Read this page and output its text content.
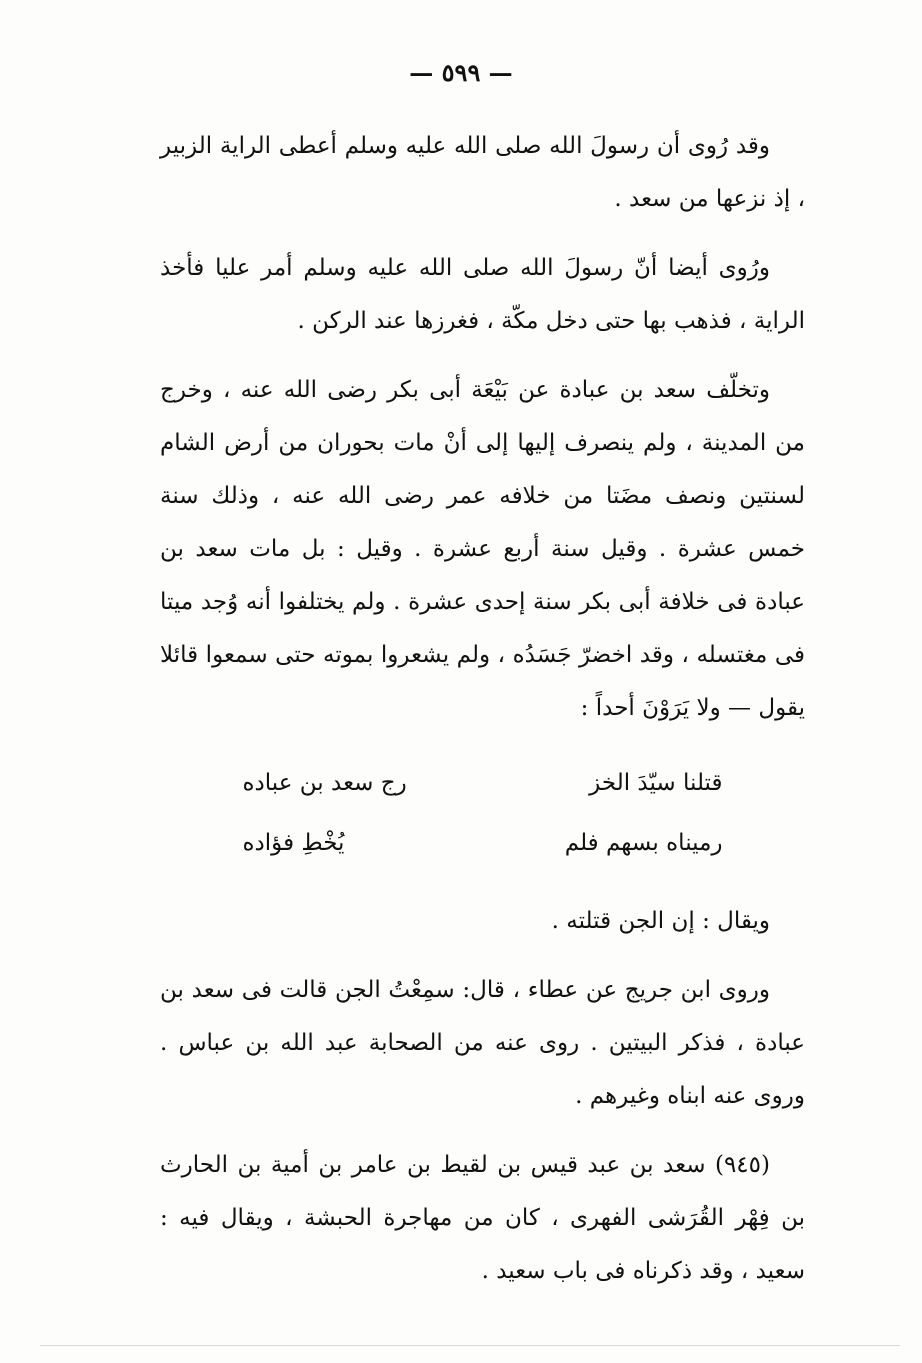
— ٥٩٩ —

وقد رُوى أن رسولَ الله صلى الله عليه وسلم أعطى الراية الزبير ، إذ نزعها من سعد .

ورُوى أيضا أنّ رسولَ الله صلى الله عليه وسلم أمر عليا فأخذ الراية ، فذهب بها حتى دخل مكّة ، فغرزها عند الركن .

وتخلّف سعد بن عبادة عن بَيْعَة أبى بكر رضى الله عنه ، وخرج من المدينة ، ولم ينصرف إليها إلى أنْ مات بحوران من أرض الشام لسنتين ونصف مضَتا من خلافه عمر رضى الله عنه ، وذلك سنة خمس عشرة . وقيل سنة أربع عشرة . وقيل : بل مات سعد بن عبادة فى خلافة أبى بكر سنة إحدى عشرة . ولم يختلفوا أنه وُجد ميتا فى مغتسله ، وقد اخضرّ جَسَدُه ، ولم يشعروا بموته حتى سمعوا قائلا يقول — ولا يَرَوْنَ أحداً :

قتلنا سيّدَ الخز
رج سعد بن عباده
رميناه بسهم فلم
يُخْطِ فؤاده

ويقال : إن الجن قتلته .

وروى ابن جريج عن عطاء ، قال: سمِعْتُ الجن قالت فى سعد بن عبادة ، فذكر البيتين . روى عنه من الصحابة عبد الله بن عباس . وروى عنه ابناه وغيرهم .

(٩٤٥) سعد بن عبد قيس بن لقيط بن عامر بن أمية بن الحارث بن فِهْر القُرَشى الفهرى ، كان من مهاجرة الحبشة ، ويقال فيه : سعيد ، وقد ذكرناه فى باب سعيد .
